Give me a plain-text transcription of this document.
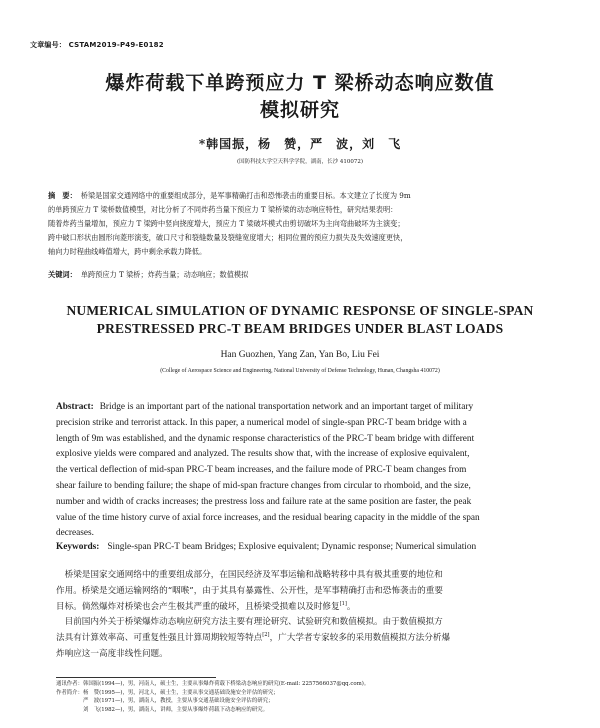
文章编号： CSTAM2019-P49-E0182
爆炸荷载下单跨预应力 T 梁桥动态响应数值
模拟研究
*韩国振，杨　赞，严　波，刘　飞
(国防科技大学空天科学学院，湖南，长沙 410072)
摘　要： 桥梁是国家交通网络中的重要组成部分，是军事精确打击和恐怖袭击的重要目标。本文建立了长度为 9m
的单跨预应力 T 梁桥数值模型，对比分析了不同炸药当量下预应力 T 梁桥梁的动态响应特性，研究结果表明：
随着炸药当量增加，预应力 T 梁跨中竖向挠度增大，预应力 T 梁破坏模式由剪切破坏为主向弯曲破坏为主演变；
跨中破口形状由圆形向菱形演变，破口尺寸和裂缝数量及裂缝宽度增大；相同位置的预应力损失及失效速度更快，
轴向力时程曲线峰值增大，跨中剩余承载力降低。
关键词： 单跨预应力 T 梁桥；炸药当量；动态响应；数值模拟
NUMERICAL SIMULATION OF DYNAMIC RESPONSE OF SINGLE-SPAN
PRESTRESSED PRC-T BEAM BRIDGES UNDER BLAST LOADS
Han Guozhen, Yang Zan, Yan Bo, Liu Fei
(College of Aerospace Science and Engineering, National University of Defense Technology, Hunan, Changsha 410072)
Abstract: Bridge is an important part of the national transportation network and an important target of military
precision strike and terrorist attack. In this paper, a numerical model of single-span PRC-T beam bridge with a
length of 9m was established, and the dynamic response characteristics of the PRC-T beam bridge with different
explosive yields were compared and analyzed. The results show that, with the increase of explosive equivalent,
the vertical deflection of mid-span PRC-T beam increases, and the failure mode of PRC-T beam changes from
shear failure to bending failure; the shape of mid-span fracture changes from circular to rhomboid, and the size,
number and width of cracks increases; the prestress loss and failure rate at the same position are faster, the peak
value of the time history curve of axial force increases, and the residual bearing capacity in the middle of the span
decreases.
Keywords: Single-span PRC-T beam Bridges; Explosive equivalent; Dynamic response; Numerical simulation
　桥梁是国家交通网络中的重要组成部分，在国民经济及军事运输和战略转移中具有极其重要的地位和
作用。桥梁是交通运输网络的“咽喉”，由于其具有暴露性、公开性，是军事精确打击和恐怖袭击的重要
目标。倘然爆炸对桥梁也会产生极其严重的破坏，且桥梁受损难以及时修复[1]。
　目前国内外关于桥梁爆炸动态响应研究方法主要有理论研究、试验研究和数值模拟。由于数值模拟方
法具有计算效率高、可重复性强且计算周期较短等特点[2]，广大学者专家较多的采用数值模拟方法分析爆
炸响应这一高度非线性问题。
通讯作者：韩国振(1994—)，男，河南人，硕士生，主要从事爆炸荷载下桥梁动态响应的研究(E-mail: 2257566037@qq.com)。
作者简介：杨　赞(1995—)，男，河北人，硕士生，主要从事交通基础设施安全评估的研究；
　　　　　严　波(1971—)，男，湖南人，教授，主要从事交通基础设施安全评估的研究；
　　　　　刘　飞(1982—)，男，湖南人，讲师，主要从事爆炸荷载下动态响应的研究。
